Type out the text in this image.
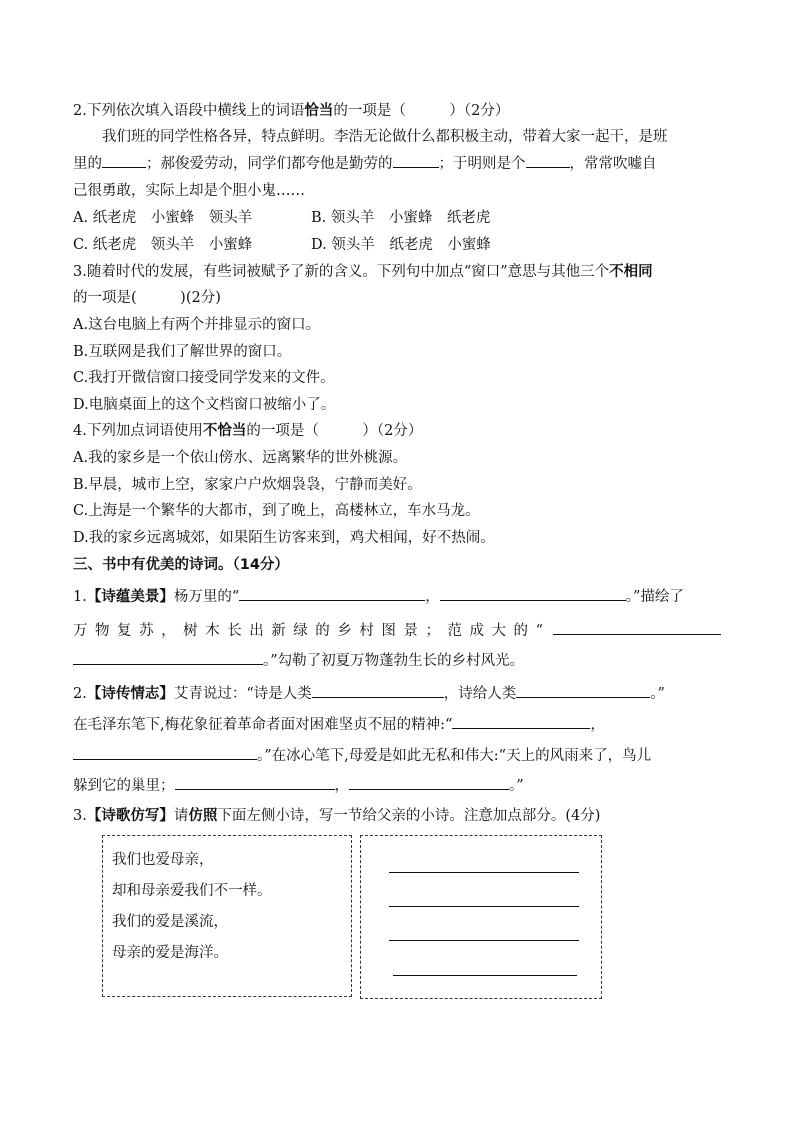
2.下列依次填入语段中横线上的词语恰当的一项是（　　　）（2分）
我们班的同学性格各异，特点鲜明。李浩无论做什么都积极主动，带着大家一起干，是班
里的	；郝俊爱劳动，同学们都夸他是勤劳的	；于明则是个	，常常吹嘘自
己很勇敢，实际上却是个胆小鬼……
A. 纸老虎　小蜜蜂　领头羊	B. 领头羊　小蜜蜂　纸老虎
C. 纸老虎　领头羊　小蜜蜂	D. 领头羊　纸老虎　小蜜蜂
3.随着时代的发展，有些词被赋予了新的含义。下列句中加点“窗口”意思与其他三个不相同
的一项是(　　　)(2分)
A.这台电脑上有两个并排显示的窗口。
B.互联网是我们了解世界的窗口。
C.我打开微信窗口接受同学发来的文件。
D.电脑桌面上的这个文档窗口被缩小了。
4.下列加点词语使用不恰当的一项是（　　　）（2分）
A.我的家乡是一个依山傍水、远离繁华的世外桃源。
B.早晨，城市上空，家家户户炊烟袅袅，宁静而美好。
C.上海是一个繁华的大都市，到了晚上，高楼林立，车水马龙。
D.我的家乡远离城郊，如果陌生访客来到，鸡犬相闻，好不热闹。
三、书中有优美的诗词。（14分）
1.【诗蕴美景】杨万里的“	，	。”描绘了
万物复苏，树木长出新绿的乡村图景；范成大的“
。”勾勒了初夏万物蓬勃生长的乡村风光。
2.【诗传情志】艾青说过：“诗是人类	，诗给人类	。”
在毛泽东笔下,梅花象征着革命者面对困难坚贞不屈的精神:“	，
。”在冰心笔下,母爱是如此无私和伟大:“天上的风雨来了，鸟儿
躲到它的巢里；	，	。”
3.【诗歌仿写】请仿照下面左侧小诗，写一节给父亲的小诗。注意加点部分。(4分)
我们也爱母亲，
却和母亲爱我们不一样。
我们的爱是溪流，
母亲的爱是海洋。
